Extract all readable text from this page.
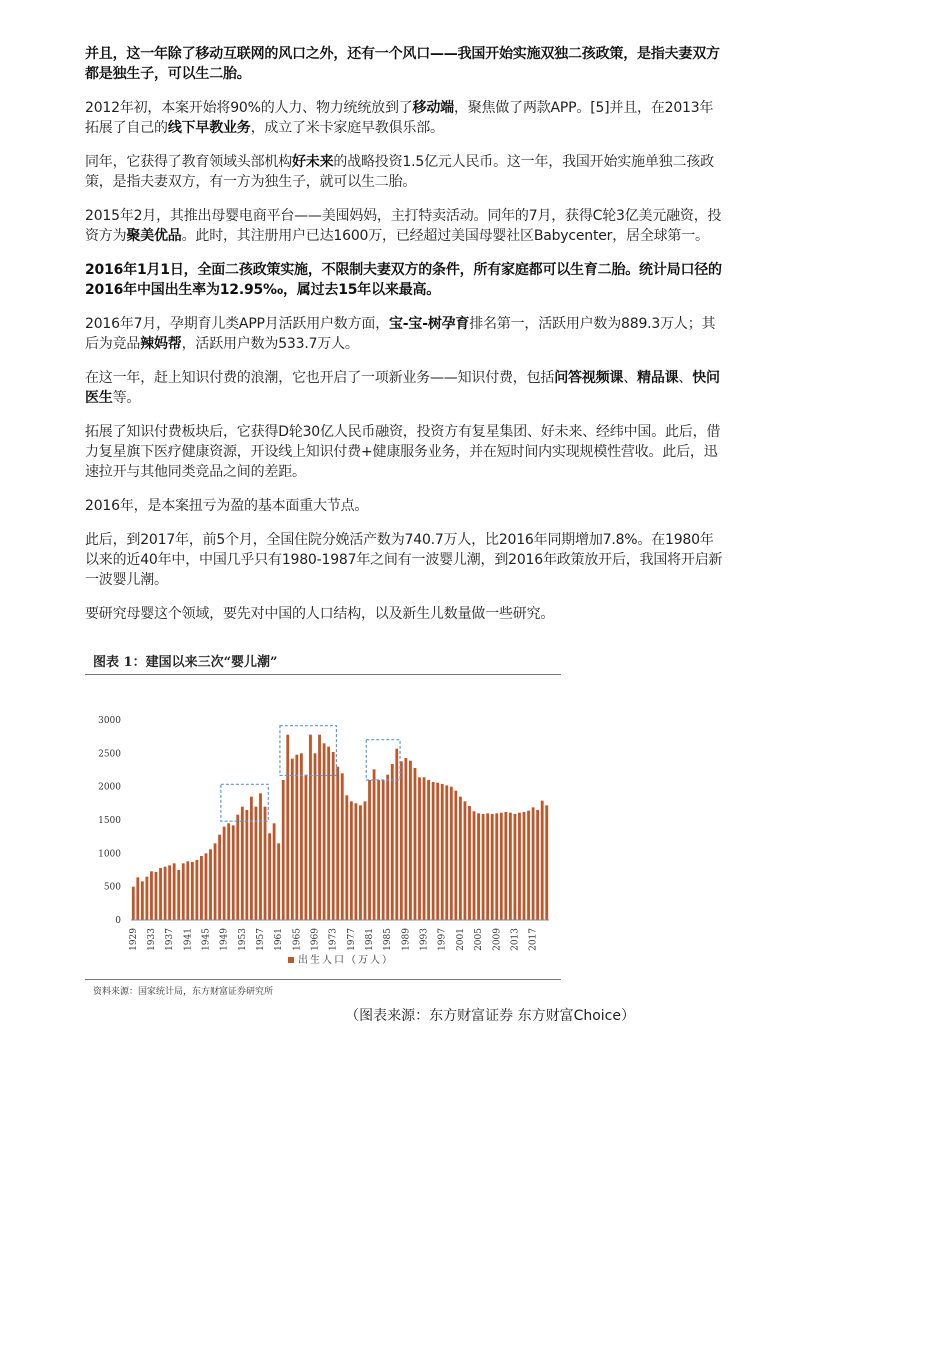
并且，这一年除了移动互联网的风口之外，还有一个风口——我国开始实施双独二孩政策，是指夫妻双方都是独生子，可以生二胎。

2012年初，本案开始将90%的人力、物力统统放到了移动端，聚焦做了两款APP。[5]并且，在2013年拓展了自己的线下早教业务，成立了米卡家庭早教俱乐部。

同年，它获得了教育领域头部机构好未来的战略投资1.5亿元人民币。这一年，我国开始实施单独二孩政策，是指夫妻双方，有一方为独生子，就可以生二胎。

2015年2月，其推出母婴电商平台——美囤妈妈，主打特卖活动。同年的7月，获得C轮3亿美元融资，投资方为聚美优品。此时，其注册用户已达1600万，已经超过美国母婴社区Babycenter，居全球第一。

2016年1月1日，全面二孩政策实施，不限制夫妻双方的条件，所有家庭都可以生育二胎。统计局口径的2016年中国出生率为12.95‰，属过去15年以来最高。

2016年7月，孕期育儿类APP月活跃用户数方面，宝-宝-树孕育排名第一，活跃用户数为889.3万人；其后为竞品辣妈帮，活跃用户数为533.7万人。

在这一年，赶上知识付费的浪潮，它也开启了一项新业务——知识付费，包括问答视频课、精品课、快问医生等。

拓展了知识付费板块后，它获得D轮30亿人民币融资，投资方有复星集团、好未来、经纬中国。此后，借力复星旗下医疗健康资源，开设线上知识付费+健康服务业务，并在短时间内实现规模性营收。此后，迅速拉开与其他同类竞品之间的差距。

2016年，是本案扭亏为盈的基本面重大节点。

此后，到2017年，前5个月，全国住院分娩活产数为740.7万人，比2016年同期增加7.8%。在1980年以来的近40年中，中国几乎只有1980-1987年之间有一波婴儿潮，到2016年政策放开后，我国将开启新一波婴儿潮。

要研究母婴这个领域，要先对中国的人口结构，以及新生儿数量做一些研究。

图表 1：建国以来三次“婴儿潮”
3000
2500
2000
1500
1000
500
0
1929 1933 1937 1941 1945 1949 1953 1957 1961 1965 1969 1973 1977 1981 1985 1989 1993 1997 2001 2005 2009 2013 2017
出生人口（万人）
资料来源：国家统计局，东方财富证券研究所
（图表来源：东方财富证券 东方财富Choice）
